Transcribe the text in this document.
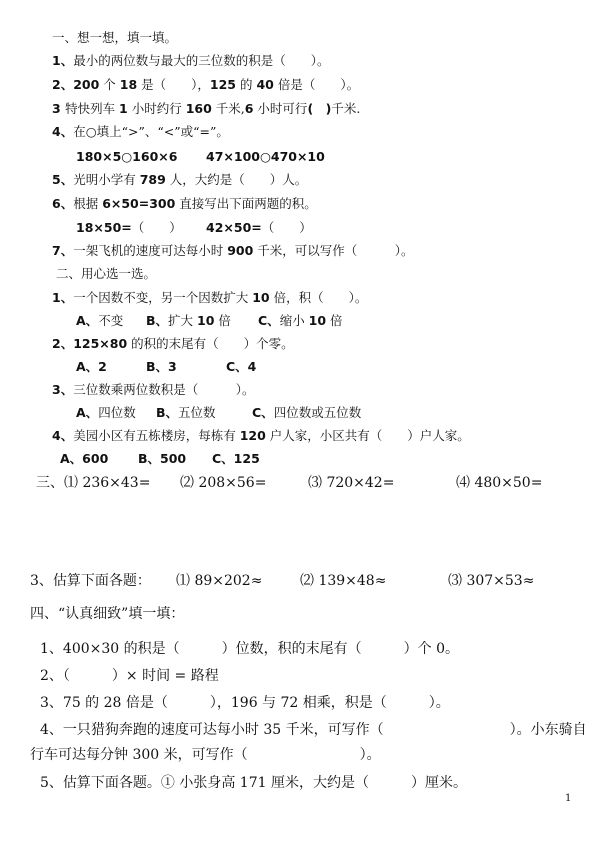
一、想一想，填一填。
1、最小的两位数与最大的三位数的积是（　　）。
2、200 个 18 是（　　），125 的 40 倍是（　　）。
3 特快列车 1 小时约行 160 千米,6 小时可行(　)千米.
4、在○填上“>”、“<”或“=”。
180×5○160×6 47×100○470×10
5、光明小学有 789 人，大约是（　　）人。
6、根据 6×50=300 直接写出下面两题的积。
18×50=（　　） 42×50=（　　）
7、一架飞机的速度可达每小时 900 千米，可以写作（　　　）。
二、用心选一选。
1、一个因数不变，另一个因数扩大 10 倍，积（　　）。
A、不变 B、扩大 10 倍 C、缩小 10 倍
2、125×80 的积的末尾有（　　）个零。
A、2	B、3	C、4
3、三位数乘两位数积是（　　　）。
A、四位数 B、五位数	C、四位数或五位数
4、美园小区有五栋楼房，每栋有 120 户人家，小区共有（　　）户人家。
A、600 B、500 C、125
三、 ⑴ 236×43= ⑵ 208×56=	⑶ 720×42=	⑷ 480×50=
3、估算下面各题： ⑴ 89×202≈	⑵ 139×48≈	⑶ 307×53≈
四、“认真细致”填一填：
1、400×30 的积是（　　　）位数，积的末尾有（　　　）个 0。
2、（　　　）× 时间 = 路程
3、75 的 28 倍是（　　　），196 与 72 相乘，积是（　　　）。
4、一只猎狗奔跑的速度可达每小时 35 千米，可写作（　　　　　　　　　）。小东骑自
行车可达每分钟 300 米，可写作（　　　　　　　　）。
5、估算下面各题。① 小张身高 171 厘米，大约是（　　　）厘米。
1
